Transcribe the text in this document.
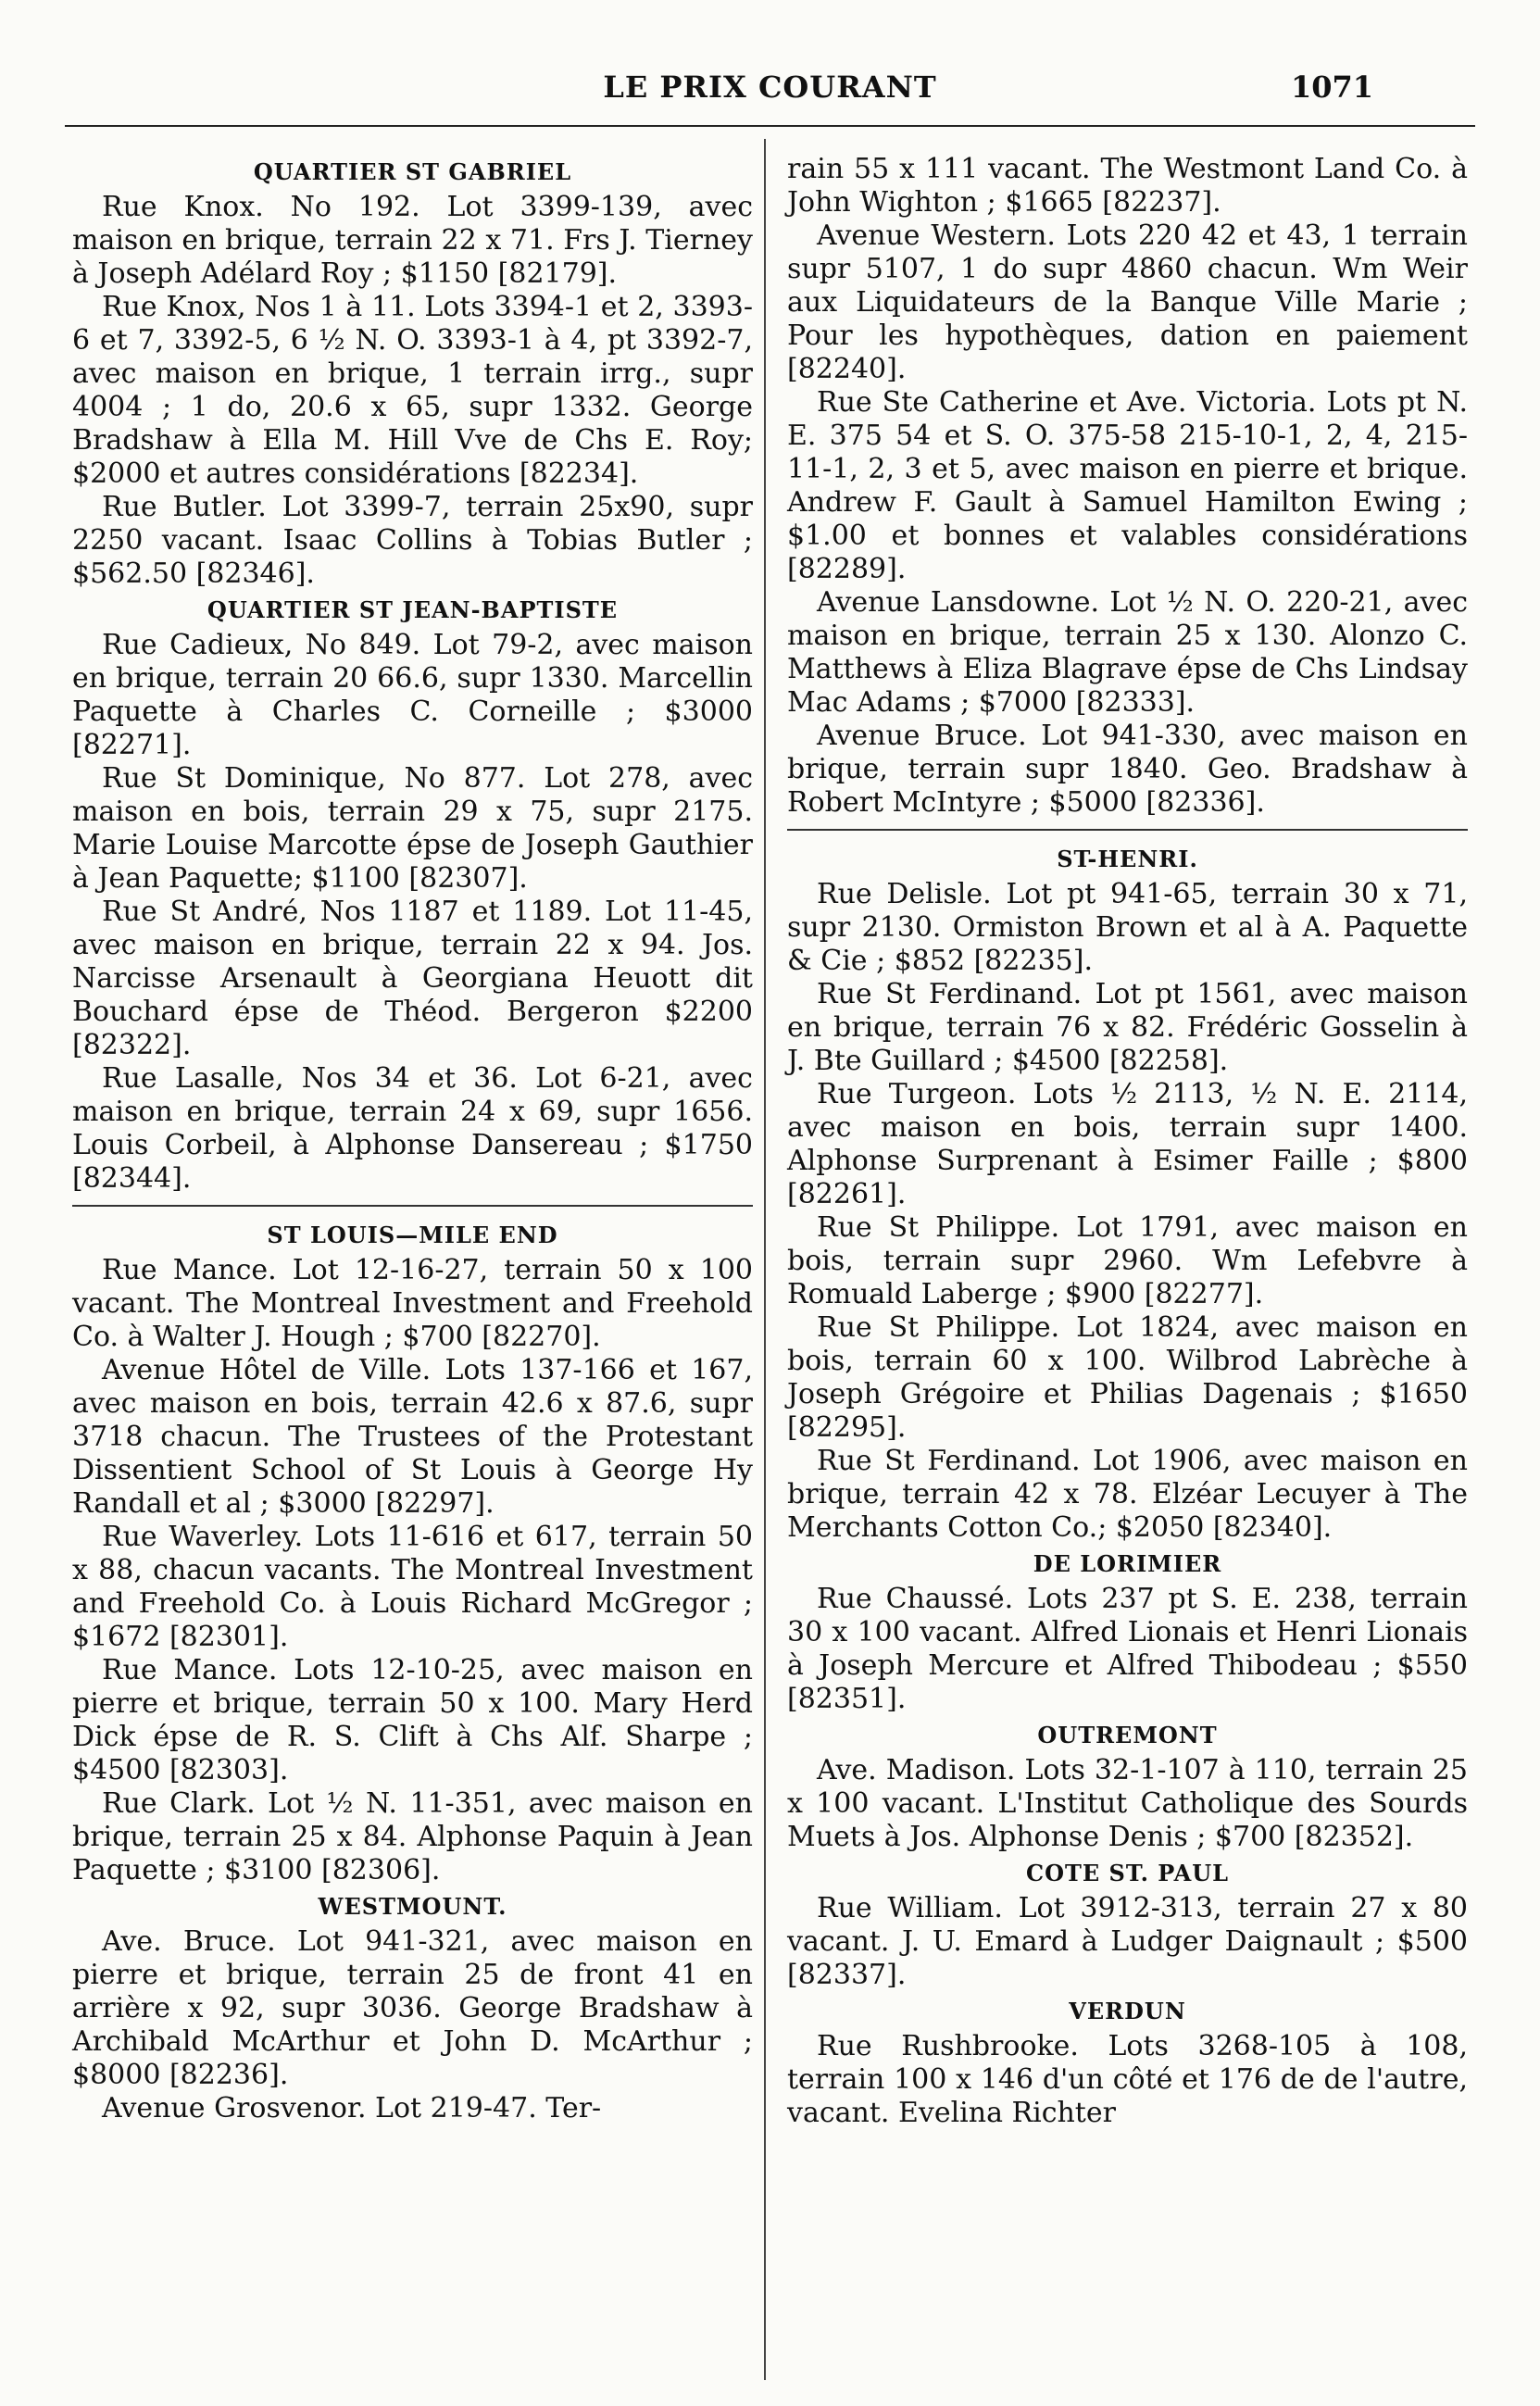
LE PRIX COURANT	1071
QUARTIER ST GABRIEL

Rue Knox. No 192. Lot 3399-139, avec maison en brique, terrain 22 x 71. Frs J. Tierney à Joseph Adélard Roy ; $1150 [82179].

Rue Knox, Nos 1 à 11. Lots 3394-1 et 2, 3393-6 et 7, 3392-5, 6 ½ N. O. 3393-1 à 4, pt 3392-7, avec maison en brique, 1 terrain irrg., supr 4004 ; 1 do, 20.6 x 65, supr 1332. George Bradshaw à Ella M. Hill Vve de Chs E. Roy; $2000 et autres considérations [82234].

Rue Butler. Lot 3399-7, terrain 25x90, supr 2250 vacant. Isaac Collins à Tobias Butler ; $562.50 [82346].

QUARTIER ST JEAN-BAPTISTE

Rue Cadieux, No 849. Lot 79-2, avec maison en brique, terrain 20 66.6, supr 1330. Marcellin Paquette à Charles C. Corneille ; $3000 [82271].

Rue St Dominique, No 877. Lot 278, avec maison en bois, terrain 29 x 75, supr 2175. Marie Louise Marcotte épse de Joseph Gauthier à Jean Paquette; $1100 [82307].

Rue St André, Nos 1187 et 1189. Lot 11-45, avec maison en brique, terrain 22 x 94. Jos. Narcisse Arsenault à Georgiana Heuott dit Bouchard épse de Théod. Bergeron $2200 [82322].

Rue Lasalle, Nos 34 et 36. Lot 6-21, avec maison en brique, terrain 24 x 69, supr 1656. Louis Corbeil, à Alphonse Dansereau ; $1750 [82344].

ST LOUIS—MILE END

Rue Mance. Lot 12-16-27, terrain 50 x 100 vacant. The Montreal Investment and Freehold Co. à Walter J. Hough ; $700 [82270].

Avenue Hôtel de Ville. Lots 137-166 et 167, avec maison en bois, terrain 42.6 x 87.6, supr 3718 chacun. The Trustees of the Protestant Dissentient School of St Louis à George Hy Randall et al ; $3000 [82297].

Rue Waverley. Lots 11-616 et 617, terrain 50 x 88, chacun vacants. The Montreal Investment and Freehold Co. à Louis Richard McGregor ; $1672 [82301].

Rue Mance. Lots 12-10-25, avec maison en pierre et brique, terrain 50 x 100. Mary Herd Dick épse de R. S. Clift à Chs Alf. Sharpe ; $4500 [82303].

Rue Clark. Lot ½ N. 11-351, avec maison en brique, terrain 25 x 84. Alphonse Paquin à Jean Paquette ; $3100 [82306].

WESTMOUNT.

Ave. Bruce. Lot 941-321, avec maison en pierre et brique, terrain 25 de front 41 en arrière x 92, supr 3036. George Bradshaw à Archibald McArthur et John D. McArthur ; $8000 [82236].

Avenue Grosvenor. Lot 219-47. Ter-

rain 55 x 111 vacant. The Westmont Land Co. à John Wighton ; $1665 [82237].

Avenue Western. Lots 220 42 et 43, 1 terrain supr 5107, 1 do supr 4860 chacun. Wm Weir aux Liquidateurs de la Banque Ville Marie ; Pour les hypothèques, dation en paiement [82240].

Rue Ste Catherine et Ave. Victoria. Lots pt N. E. 375 54 et S. O. 375-58 215-10-1, 2, 4, 215-11-1, 2, 3 et 5, avec maison en pierre et brique. Andrew F. Gault à Samuel Hamilton Ewing ; $1.00 et bonnes et valables considérations [82289].

Avenue Lansdowne. Lot ½ N. O. 220-21, avec maison en brique, terrain 25 x 130. Alonzo C. Matthews à Eliza Blagrave épse de Chs Lindsay Mac Adams ; $7000 [82333].

Avenue Bruce. Lot 941-330, avec maison en brique, terrain supr 1840. Geo. Bradshaw à Robert McIntyre ; $5000 [82336].

ST-HENRI.

Rue Delisle. Lot pt 941-65, terrain 30 x 71, supr 2130. Ormiston Brown et al à A. Paquette & Cie ; $852 [82235].

Rue St Ferdinand. Lot pt 1561, avec maison en brique, terrain 76 x 82. Frédéric Gosselin à J. Bte Guillard ; $4500 [82258].

Rue Turgeon. Lots ½ 2113, ½ N. E. 2114, avec maison en bois, terrain supr 1400. Alphonse Surprenant à Esimer Faille ; $800 [82261].

Rue St Philippe. Lot 1791, avec maison en bois, terrain supr 2960. Wm Lefebvre à Romuald Laberge ; $900 [82277].

Rue St Philippe. Lot 1824, avec maison en bois, terrain 60 x 100. Wilbrod Labrèche à Joseph Grégoire et Philias Dagenais ; $1650 [82295].

Rue St Ferdinand. Lot 1906, avec maison en brique, terrain 42 x 78. Elzéar Lecuyer à The Merchants Cotton Co.; $2050 [82340].

DE LORIMIER

Rue Chaussé. Lots 237 pt S. E. 238, terrain 30 x 100 vacant. Alfred Lionais et Henri Lionais à Joseph Mercure et Alfred Thibodeau ; $550 [82351].

OUTREMONT

Ave. Madison. Lots 32-1-107 à 110, terrain 25 x 100 vacant. L'Institut Catholique des Sourds Muets à Jos. Alphonse Denis ; $700 [82352].

COTE ST. PAUL

Rue William. Lot 3912-313, terrain 27 x 80 vacant. J. U. Emard à Ludger Daignault ; $500 [82337].

VERDUN

Rue Rushbrooke. Lots 3268-105 à 108, terrain 100 x 146 d'un côté et 176 de de l'autre, vacant. Evelina Richter
